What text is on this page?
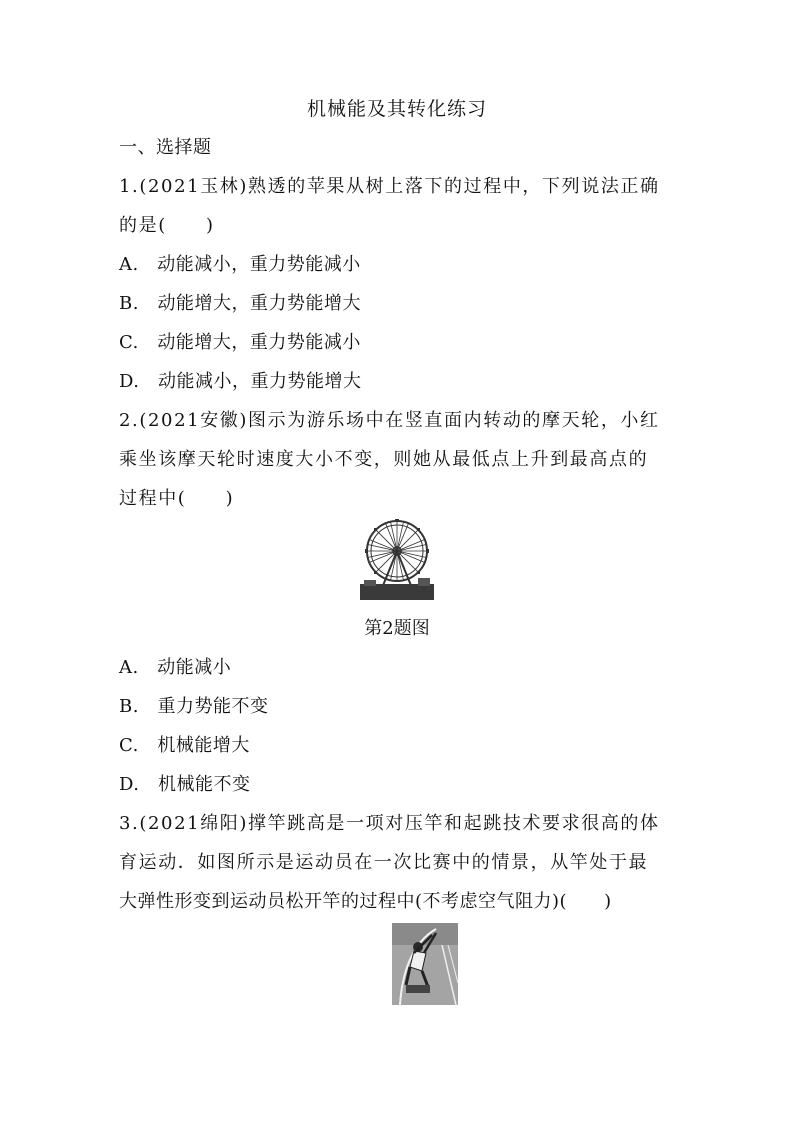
机械能及其转化练习
一、选择题
1.(2021玉林)熟透的苹果从树上落下的过程中，下列说法正确
的是(　　)
A.　动能减小，重力势能减小
B.　动能增大，重力势能增大
C.　动能增大，重力势能减小
D.　动能减小，重力势能增大
2.(2021安徽)图示为游乐场中在竖直面内转动的摩天轮，小红
乘坐该摩天轮时速度大小不变，则她从最低点上升到最高点的
过程中(　　)
第2题图
A.　动能减小
B.　重力势能不变
C.　机械能增大
D.　机械能不变
3.(2021绵阳)撑竿跳高是一项对压竿和起跳技术要求很高的体
育运动．如图所示是运动员在一次比赛中的情景，从竿处于最
大弹性形变到运动员松开竿的过程中(不考虑空气阻力)(　　)
